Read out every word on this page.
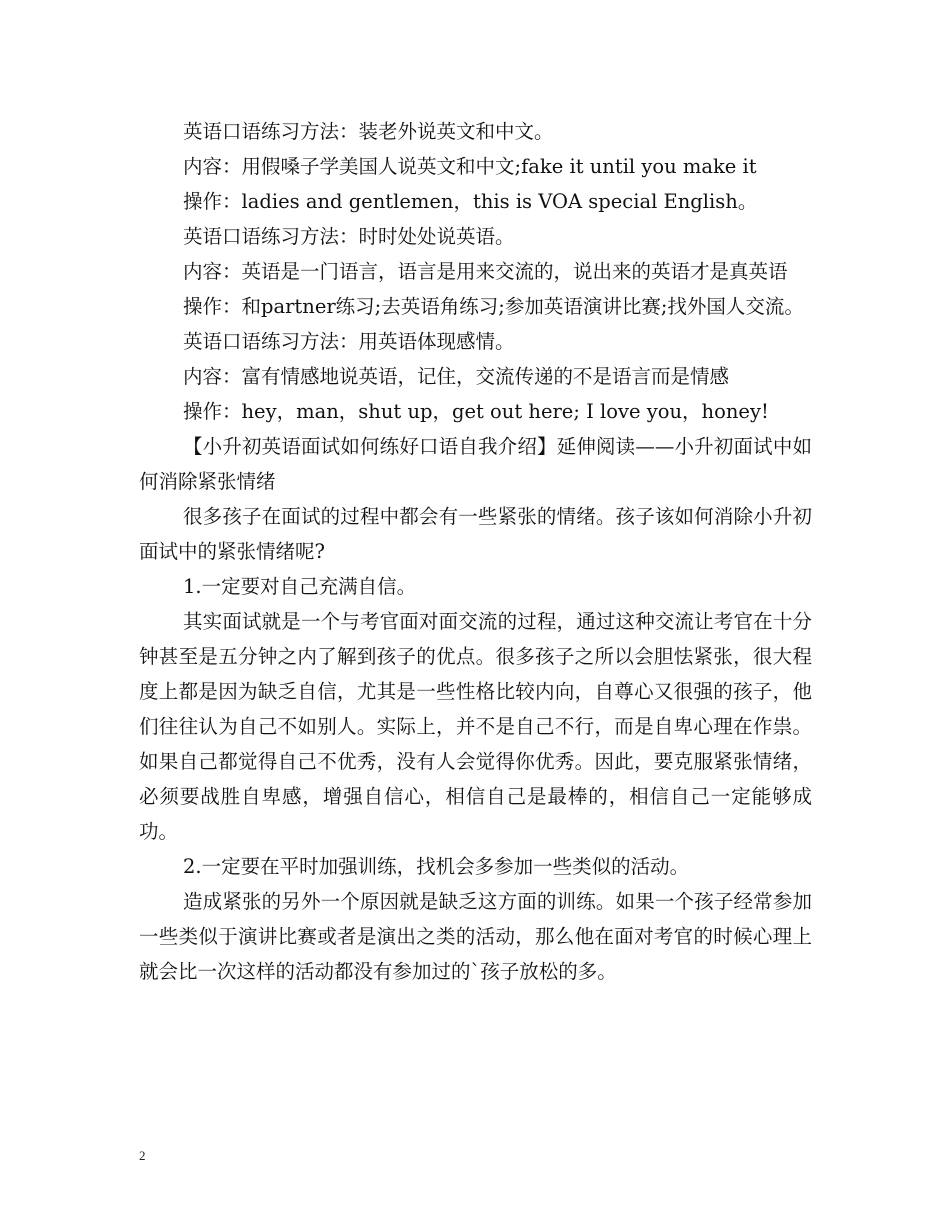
英语口语练习方法：装老外说英文和中文。

内容：用假嗓子学美国人说英文和中文;fake it until you make it

操作：ladies and gentlemen，this is VOA special English。

英语口语练习方法：时时处处说英语。

内容：英语是一门语言，语言是用来交流的，说出来的英语才是真英语

操作：和partner练习;去英语角练习;参加英语演讲比赛;找外国人交流。

英语口语练习方法：用英语体现感情。

内容：富有情感地说英语，记住，交流传递的不是语言而是情感

操作：hey，man，shut up，get out here; I love you，honey!

【小升初英语面试如何练好口语自我介绍】延伸阅读——小升初面试中如何消除紧张情绪

很多孩子在面试的过程中都会有一些紧张的情绪。孩子该如何消除小升初面试中的紧张情绪呢?

1.一定要对自己充满自信。

其实面试就是一个与考官面对面交流的过程，通过这种交流让考官在十分钟甚至是五分钟之内了解到孩子的优点。很多孩子之所以会胆怯紧张，很大程度上都是因为缺乏自信，尤其是一些性格比较内向，自尊心又很强的孩子，他们往往认为自己不如别人。实际上，并不是自己不行，而是自卑心理在作祟。如果自己都觉得自己不优秀，没有人会觉得你优秀。因此，要克服紧张情绪，必须要战胜自卑感，增强自信心，相信自己是最棒的，相信自己一定能够成功。

2.一定要在平时加强训练，找机会多参加一些类似的活动。

造成紧张的另外一个原因就是缺乏这方面的训练。如果一个孩子经常参加一些类似于演讲比赛或者是演出之类的活动，那么他在面对考官的时候心理上就会比一次这样的活动都没有参加过的`孩子放松的多。

2
